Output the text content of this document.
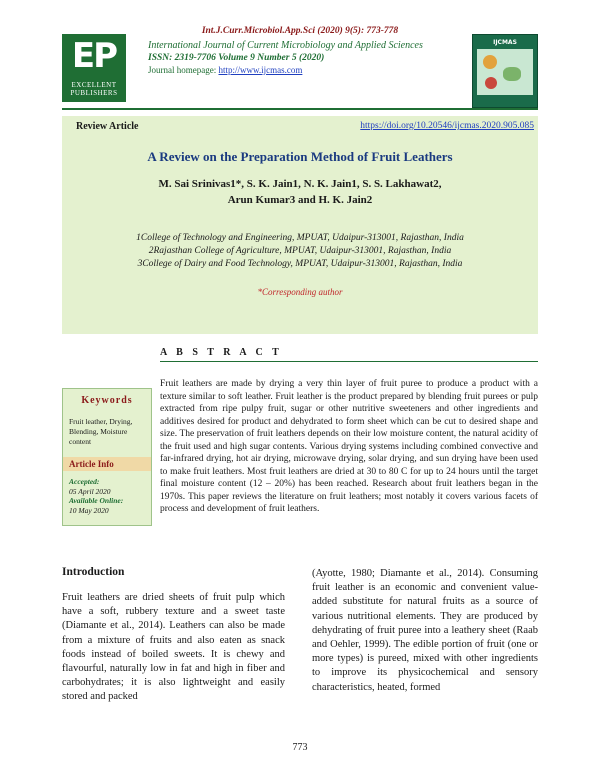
Int.J.Curr.Microbiol.App.Sci (2020) 9(5): 773-778
EP
EXCELLENT PUBLISHERS
International Journal of Current Microbiology and Applied Sciences
ISSN: 2319-7706 Volume 9 Number 5 (2020)
Journal homepage: http://www.ijcmas.com
IJCMAS
Review Article	https://doi.org/10.20546/ijcmas.2020.905.085
A Review on the Preparation Method of Fruit Leathers
M. Sai Srinivas1*, S. K. Jain1, N. K. Jain1, S. S. Lakhawat2,
Arun Kumar3 and H. K. Jain2
1College of Technology and Engineering, MPUAT, Udaipur-313001, Rajasthan, India
2Rajasthan College of Agriculture, MPUAT, Udaipur-313001, Rajasthan, India
3College of Dairy and Food Technology, MPUAT, Udaipur-313001, Rajasthan, India
*Corresponding author
A B S T R A C T
Keywords
Fruit leather, Drying, Blending, Moisture content
Article Info
Accepted:
05 April 2020
Available Online:
10 May 2020
Fruit leathers are made by drying a very thin layer of fruit puree to produce a product with a texture similar to soft leather. Fruit leather is the product prepared by blending fruit purees or pulp extracted from ripe pulpy fruit, sugar or other nutritive sweeteners and other ingredients and additives desired for product and dehydrated to form sheet which can be cut to desired shape and size. The preservation of fruit leathers depends on their low moisture content, the natural acidity of the fruit used and high sugar contents. Various drying systems including combined convective and far-infrared drying, hot air drying, microwave drying, solar drying, and sun drying have been used to make fruit leathers. Most fruit leathers are dried at 30 to 80 C for up to 24 hours until the target final moisture content (12 – 20%) has been reached. Research about fruit leathers began in the 1970s. This paper reviews the literature on fruit leathers; most notably it covers various facets of process and development of fruit leathers.
Introduction
Fruit leathers are dried sheets of fruit pulp which have a soft, rubbery texture and a sweet taste (Diamante et al., 2014). Leathers can also be made from a mixture of fruits and also eaten as snack foods instead of boiled sweets. It is chewy and flavourful, naturally low in fat and high in fiber and carbohydrates; it is also lightweight and easily stored and packed
(Ayotte, 1980; Diamante et al., 2014). Consuming fruit leather is an economic and convenient value-added substitute for natural fruits as a source of various nutritional elements. They are produced by dehydrating of fruit puree into a leathery sheet (Raab and Oehler, 1999). The edible portion of fruit (one or more types) is pureed, mixed with other ingredients to improve its physicochemical and sensory characteristics, heated, formed
773
